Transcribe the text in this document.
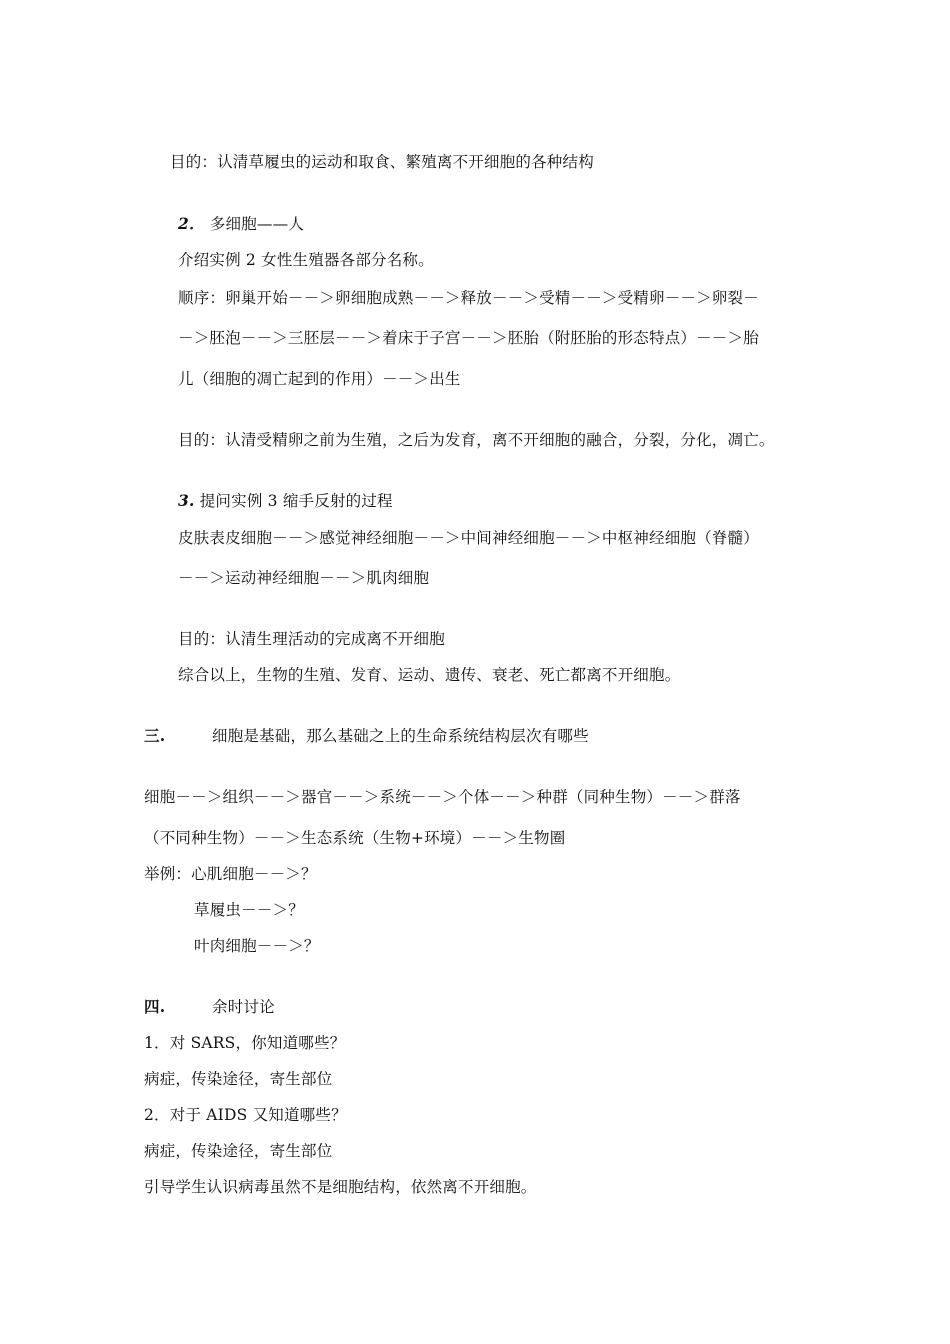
目的：认清草履虫的运动和取食、繁殖离不开细胞的各种结构
2． 多细胞——人
介绍实例 2 女性生殖器各部分名称。
顺序：卵巢开始－－＞卵细胞成熟－－＞释放－－＞受精－－＞受精卵－－＞卵裂－
－＞胚泡－－＞三胚层－－＞着床于子宫－－＞胚胎（附胚胎的形态特点）－－＞胎
儿（细胞的凋亡起到的作用）－－＞出生
目的：认清受精卵之前为生殖，之后为发育，离不开细胞的融合，分裂，分化，凋亡。
3. 提问实例 3 缩手反射的过程
皮肤表皮细胞－－＞感觉神经细胞－－＞中间神经细胞－－＞中枢神经细胞（脊髓）
－－＞运动神经细胞－－＞肌肉细胞
目的：认清生理活动的完成离不开细胞
综合以上，生物的生殖、发育、运动、遗传、衰老、死亡都离不开细胞。
三.	细胞是基础，那么基础之上的生命系统结构层次有哪些
细胞－－＞组织－－＞器官－－＞系统－－＞个体－－＞种群（同种生物）－－＞群落
（不同种生物）－－＞生态系统（生物+环境）－－＞生物圈
举例：心肌细胞－－＞？
草履虫－－＞？
叶肉细胞－－＞？
四.	余时讨论
1．对 SARS，你知道哪些？
病症，传染途径，寄生部位
2．对于 AIDS 又知道哪些？
病症，传染途径，寄生部位
引导学生认识病毒虽然不是细胞结构，依然离不开细胞。
